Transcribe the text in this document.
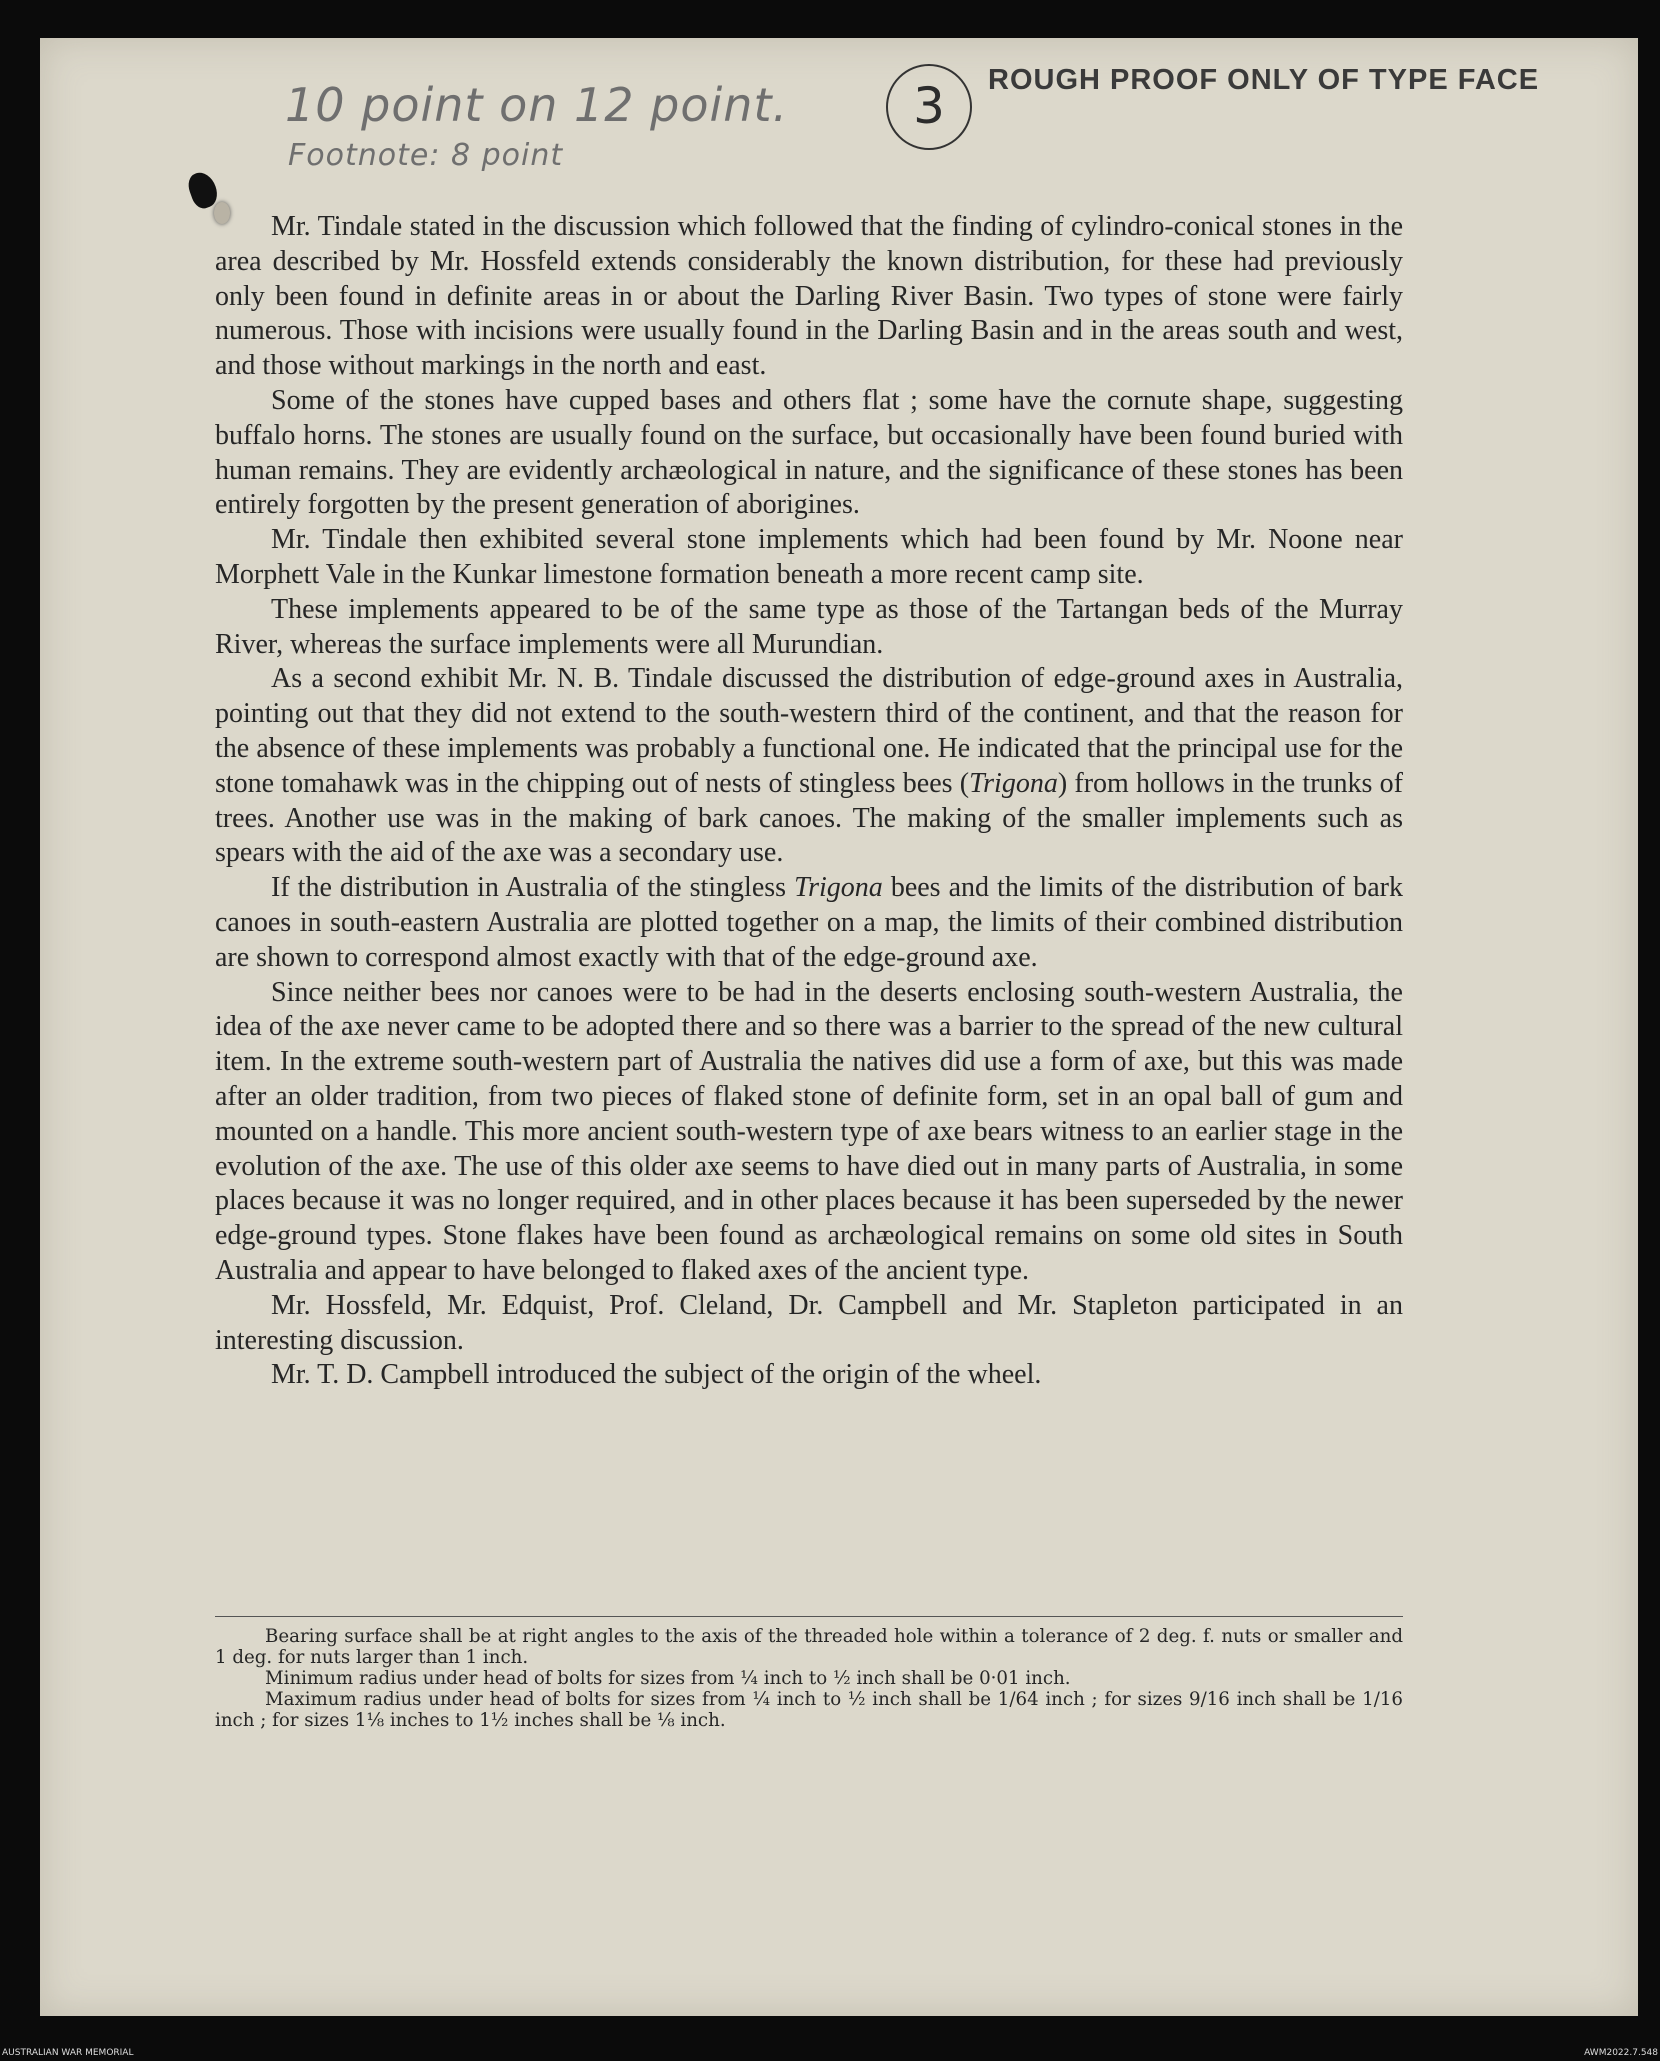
10 point on 12 point.
Footnote: 8 point
3	ROUGH PROOF ONLY OF TYPE FACE

Mr. Tindale stated in the discussion which followed that the finding of cylindro-conical stones in the area described by Mr. Hossfeld extends considerably the known distribution, for these had previously only been found in definite areas in or about the Darling River Basin. Two types of stone were fairly numerous. Those with incisions were usually found in the Darling Basin and in the areas south and west, and those without markings in the north and east.

Some of the stones have cupped bases and others flat ; some have the cornute shape, suggesting buffalo horns. The stones are usually found on the surface, but occasionally have been found buried with human remains. They are evidently archæological in nature, and the significance of these stones has been entirely forgotten by the present generation of aborigines.

Mr. Tindale then exhibited several stone implements which had been found by Mr. Noone near Morphett Vale in the Kunkar limestone formation beneath a more recent camp site.

These implements appeared to be of the same type as those of the Tartangan beds of the Murray River, whereas the surface implements were all Murundian.

As a second exhibit Mr. N. B. Tindale discussed the distribution of edge-ground axes in Australia, pointing out that they did not extend to the south-western third of the continent, and that the reason for the absence of these implements was probably a functional one. He indicated that the principal use for the stone tomahawk was in the chipping out of nests of stingless bees (Trigona) from hollows in the trunks of trees. Another use was in the making of bark canoes. The making of the smaller implements such as spears with the aid of the axe was a secondary use.

If the distribution in Australia of the stingless Trigona bees and the limits of the distribution of bark canoes in south-eastern Australia are plotted together on a map, the limits of their combined distribution are shown to correspond almost exactly with that of the edge-ground axe.

Since neither bees nor canoes were to be had in the deserts enclosing south-western Australia, the idea of the axe never came to be adopted there and so there was a barrier to the spread of the new cultural item. In the extreme south-western part of Australia the natives did use a form of axe, but this was made after an older tradition, from two pieces of flaked stone of definite form, set in an opal ball of gum and mounted on a handle. This more ancient south-western type of axe bears witness to an earlier stage in the evolution of the axe. The use of this older axe seems to have died out in many parts of Australia, in some places because it was no longer required, and in other places because it has been superseded by the newer edge-ground types. Stone flakes have been found as archæological remains on some old sites in South Australia and appear to have belonged to flaked axes of the ancient type.

Mr. Hossfeld, Mr. Edquist, Prof. Cleland, Dr. Campbell and Mr. Stapleton participated in an interesting discussion.

Mr. T. D. Campbell introduced the subject of the origin of the wheel.

Bearing surface shall be at right angles to the axis of the threaded hole within a tolerance of 2 deg. f. nuts or smaller and 1 deg. for nuts larger than 1 inch.

Minimum radius under head of bolts for sizes from ¼ inch to ½ inch shall be 0·01 inch.

Maximum radius under head of bolts for sizes from ¼ inch to ½ inch shall be 1/64 inch ; for sizes 9/16 inch shall be 1/16 inch ; for sizes 1⅛ inches to 1½ inches shall be ⅛ inch.

AUSTRALIAN WAR MEMORIAL	AWM2022.7.548
